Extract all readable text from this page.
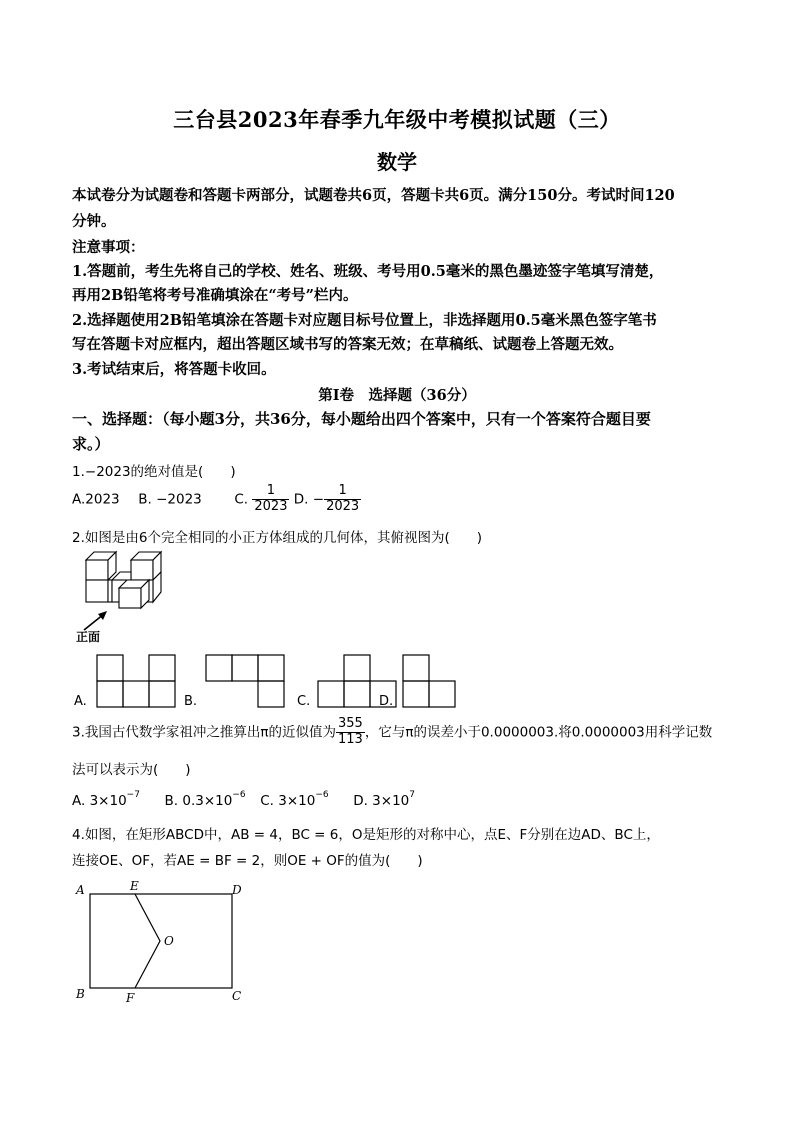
三台县2023年春季九年级中考模拟试题（三）
数学
本试卷分为试题卷和答题卡两部分，试题卷共6页，答题卡共6页。满分150分。考试时间120
分钟。
注意事项：
1.答题前，考生先将自己的学校、姓名、班级、考号用0.5毫米的黑色墨迹签字笔填写清楚，
再用2B铅笔将考号准确填涂在“考号”栏内。
2.选择题使用2B铅笔填涂在答题卡对应题目标号位置上，非选择题用0.5毫米黑色签字笔书
写在答题卡对应框内，超出答题区域书写的答案无效；在草稿纸、试题卷上答题无效。
3.考试结束后，将答题卡收回。
第Ⅰ卷　选择题（36分）
一、选择题：（每小题3分，共36分，每小题给出四个答案中，只有一个答案符合题目要
求。）
1.−2023的绝对值是(　　)
A.2023 B. −2023 C. $\frac{1}{2023} D$. − $\frac{1}{2023}$
2.如图是由6个完全相同的小正方体组成的几何体，其俯视图为(　　)
正面
A.	B.	C.	D.
3.我国古代数学家祖冲之推算出π的近似值为 $\frac{355}{113}$ ，它与π的误差小于0.0000003.将0.0000003用科学记数
法可以表示为(　　)
A. $3\times 10^{-7}$ B. $0.3\times 10^{-6}$ C. $3\times 10^{-6}$ D. $3\times 10^7$
4.如图，在矩形ABCD中，AB = 4，BC = 6，O是矩形的对称中心，点E、F分别在边AD、BC上，
连接OE、OF，若AE = BF = 2，则OE + OF的值为(　　)
A	E	D
O
B	F	C
